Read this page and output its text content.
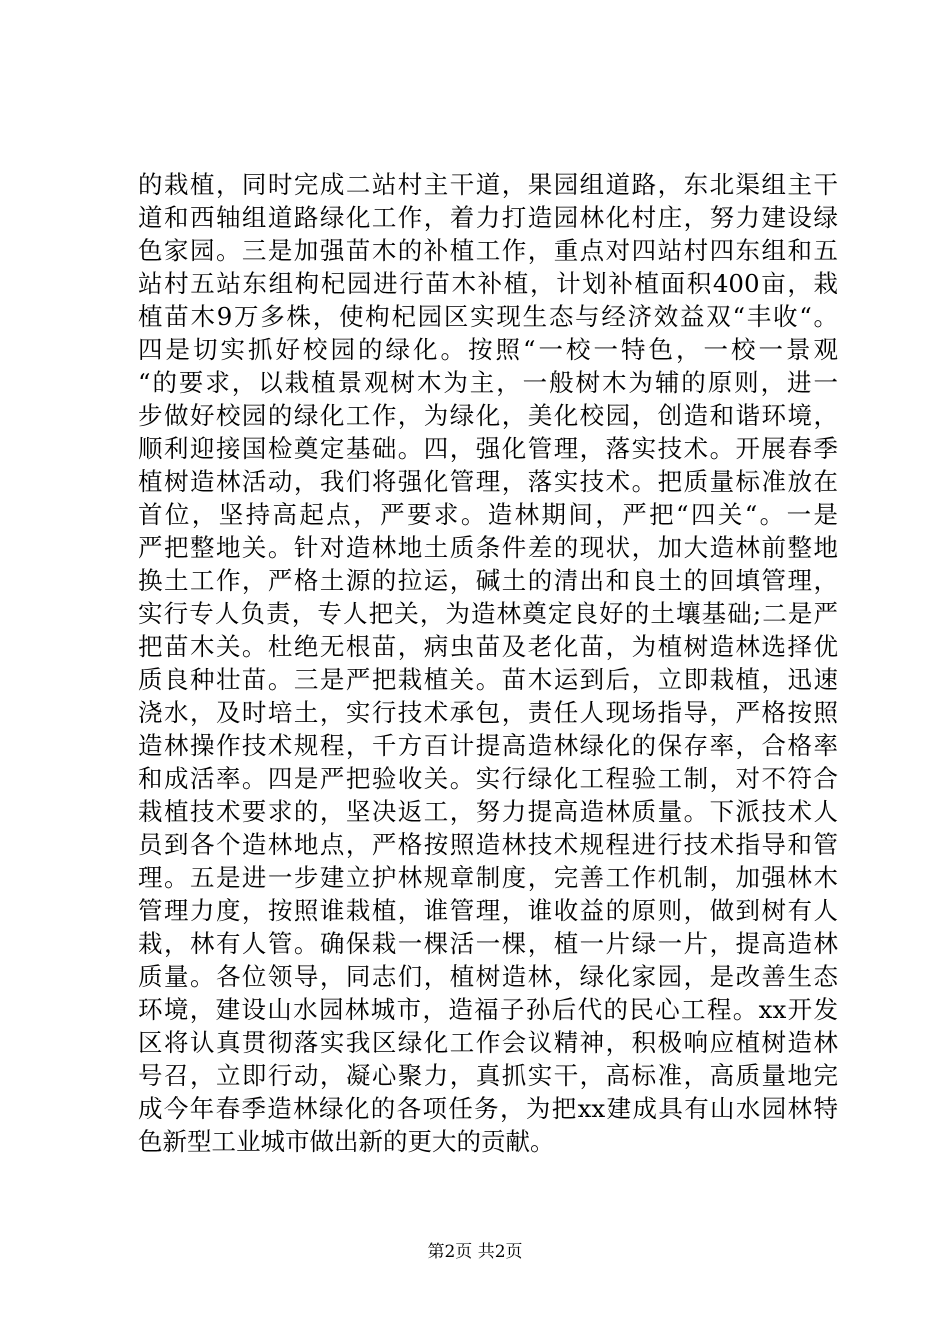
的栽植，同时完成二站村主干道，果园组道路，东北渠组主干
道和西轴组道路绿化工作，着力打造园林化村庄，努力建设绿
色家园。三是加强苗木的补植工作，重点对四站村四东组和五
站村五站东组枸杞园进行苗木补植，计划补植面积400亩，栽
植苗木9万多株，使枸杞园区实现生态与经济效益双“丰收“。
四是切实抓好校园的绿化。按照“一校一特色，一校一景观
“的要求，以栽植景观树木为主，一般树木为辅的原则，进一
步做好校园的绿化工作，为绿化，美化校园，创造和谐环境，
顺利迎接国检奠定基础。四，强化管理，落实技术。开展春季
植树造林活动，我们将强化管理，落实技术。把质量标准放在
首位，坚持高起点，严要求。造林期间，严把“四关“。一是
严把整地关。针对造林地土质条件差的现状，加大造林前整地
换土工作，严格土源的拉运，碱土的清出和良土的回填管理，
实行专人负责，专人把关，为造林奠定良好的土壤基础;二是严
把苗木关。杜绝无根苗，病虫苗及老化苗，为植树造林选择优
质良种壮苗。三是严把栽植关。苗木运到后，立即栽植，迅速
浇水，及时培土，实行技术承包，责任人现场指导，严格按照
造林操作技术规程，千方百计提高造林绿化的保存率，合格率
和成活率。四是严把验收关。实行绿化工程验工制，对不符合
栽植技术要求的，坚决返工，努力提高造林质量。下派技术人
员到各个造林地点，严格按照造林技术规程进行技术指导和管
理。五是进一步建立护林规章制度，完善工作机制，加强林木
管理力度，按照谁栽植，谁管理，谁收益的原则，做到树有人
栽，林有人管。确保栽一棵活一棵，植一片绿一片，提高造林
质量。各位领导，同志们，植树造林，绿化家园，是改善生态
环境，建设山水园林城市，造福子孙后代的民心工程。xx开发
区将认真贯彻落实我区绿化工作会议精神，积极响应植树造林
号召，立即行动，凝心聚力，真抓实干，高标准，高质量地完
成今年春季造林绿化的各项任务，为把xx建成具有山水园林特
色新型工业城市做出新的更大的贡献。
第2页 共2页
